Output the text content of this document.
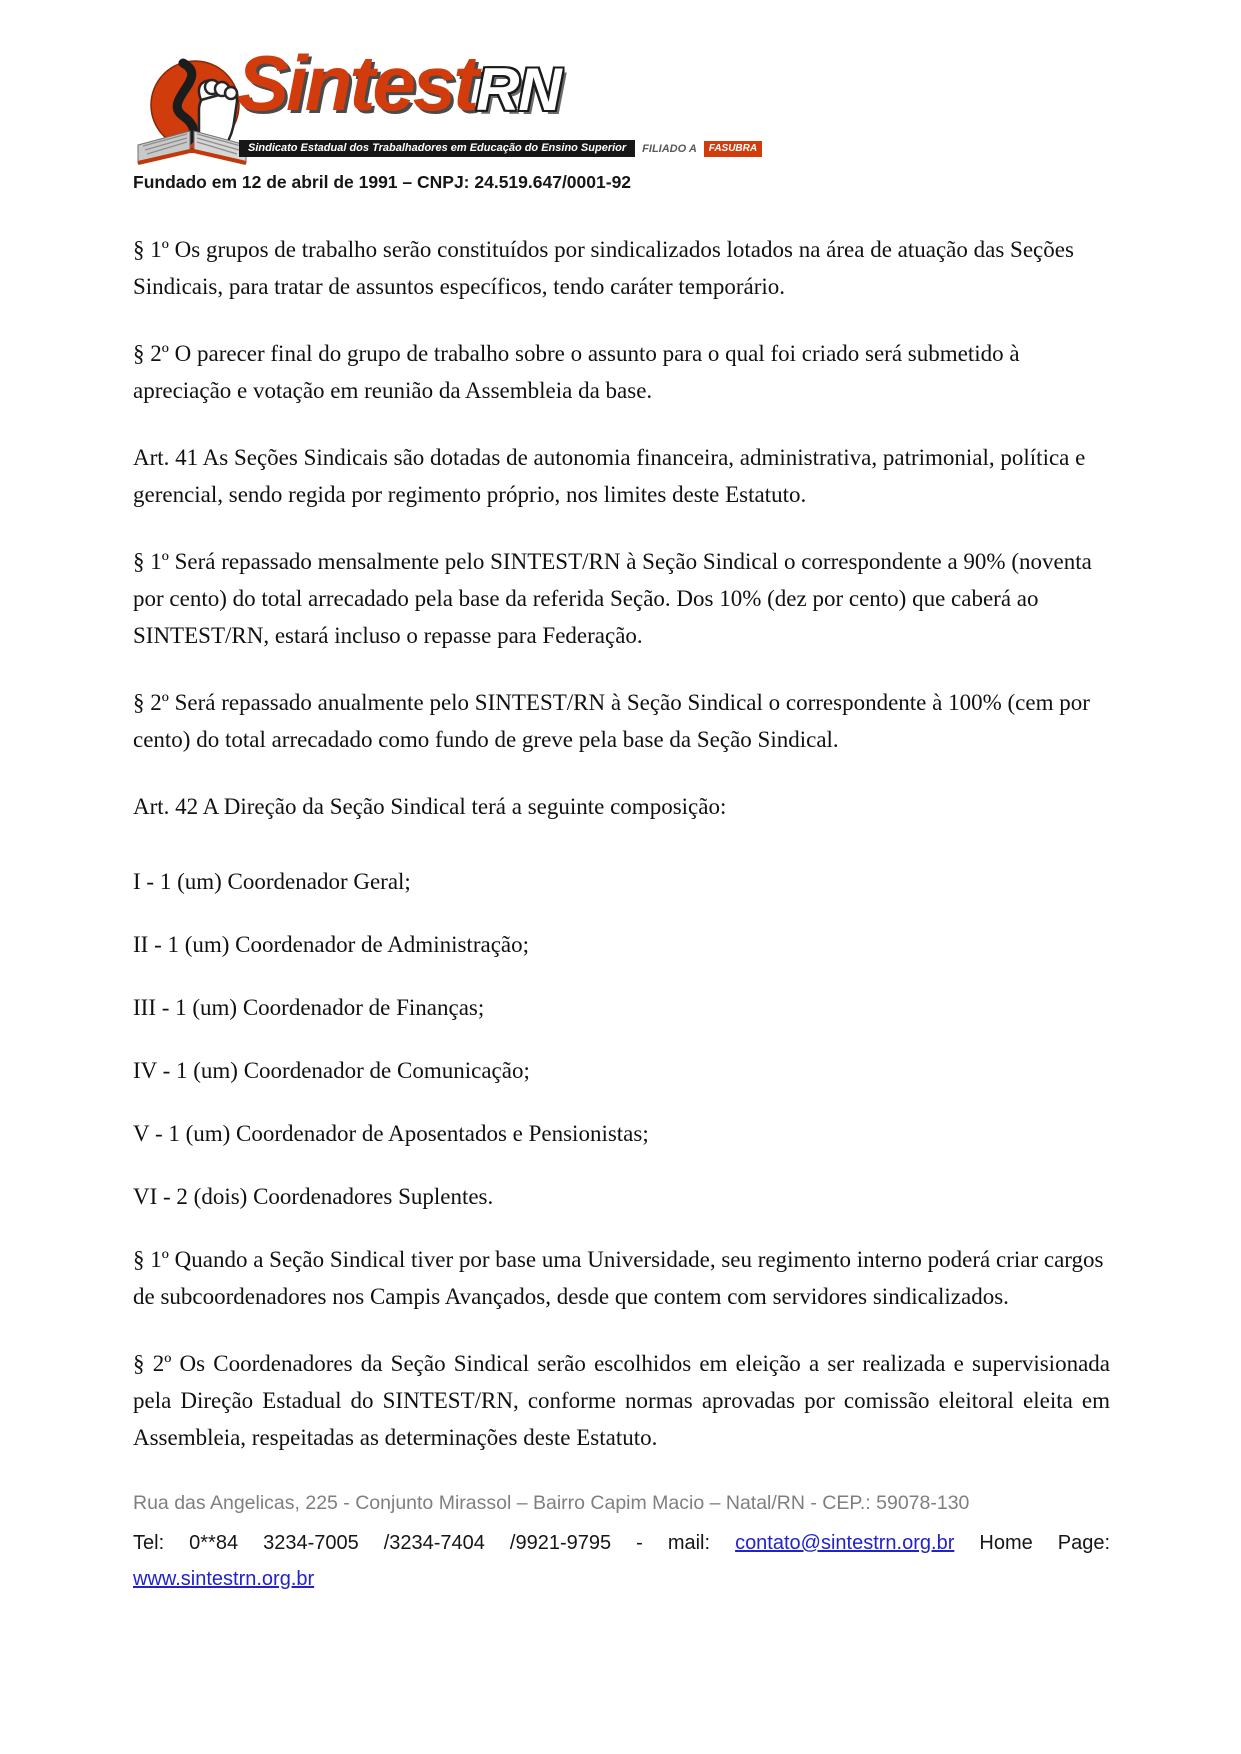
SintestRN
Sindicato Estadual dos Trabalhadores em Educação do Ensino Superior	FILIADO A	FASUBRA
Fundado em 12 de abril de 1991 – CNPJ: 24.519.647/0001-92

§ 1º Os grupos de trabalho serão constituídos por sindicalizados lotados na área de atuação das Seções Sindicais, para tratar de assuntos específicos, tendo caráter temporário.

§ 2º O parecer final do grupo de trabalho sobre o assunto para o qual foi criado será submetido à apreciação e votação em reunião da Assembleia da base.

Art. 41 As Seções Sindicais são dotadas de autonomia financeira, administrativa, patrimonial, política e gerencial, sendo regida por regimento próprio, nos limites deste Estatuto.

§ 1º Será repassado mensalmente pelo SINTEST/RN à Seção Sindical o correspondente a 90% (noventa por cento) do total arrecadado pela base da referida Seção. Dos 10% (dez por cento) que caberá ao SINTEST/RN, estará incluso o repasse para Federação.

§ 2º Será repassado anualmente pelo SINTEST/RN à Seção Sindical o correspondente à 100% (cem por cento) do total arrecadado como fundo de greve pela base da Seção Sindical.

Art. 42 A Direção da Seção Sindical terá a seguinte composição:

I - 1 (um) Coordenador Geral;

II - 1 (um) Coordenador de Administração;

III - 1 (um) Coordenador de Finanças;

IV - 1 (um) Coordenador de Comunicação;

V - 1 (um) Coordenador de Aposentados e Pensionistas;

VI - 2 (dois) Coordenadores Suplentes.

§ 1º Quando a Seção Sindical tiver por base uma Universidade, seu regimento interno poderá criar cargos de subcoordenadores nos Campis Avançados, desde que contem com servidores sindicalizados.

§ 2º Os Coordenadores da Seção Sindical serão escolhidos em eleição a ser realizada e supervisionada pela Direção Estadual do SINTEST/RN, conforme normas aprovadas por comissão eleitoral eleita em Assembleia, respeitadas as determinações deste Estatuto.

Rua das Angelicas, 225 - Conjunto Mirassol – Bairro Capim Macio – Natal/RN - CEP.: 59078-130

Tel: 0**84 3234-7005 /3234-7404 /9921-9795 - mail: contato@sintestrn.org.br Home Page:
www.sintestrn.org.br
